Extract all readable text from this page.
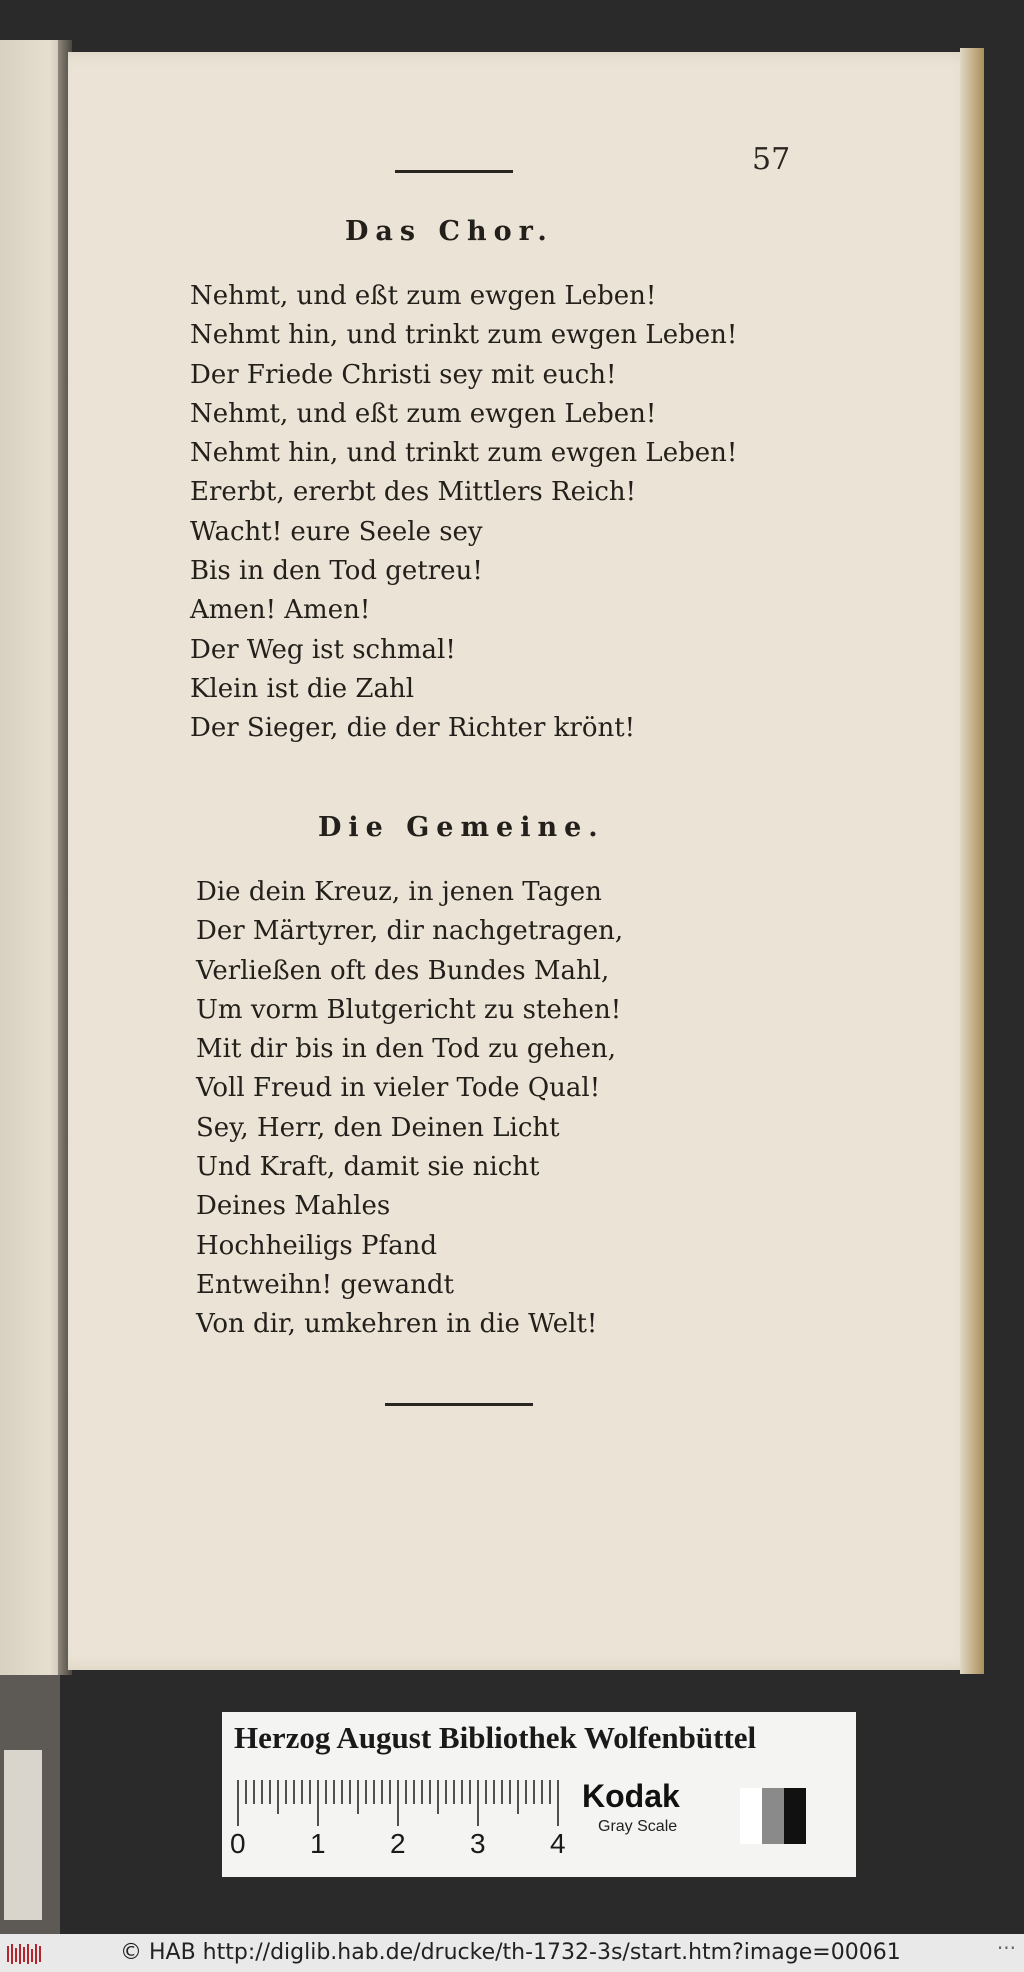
57
Das Chor.
Nehmt, und eßt zum ewgen Leben!
Nehmt hin, und trinkt zum ewgen Leben!
Der Friede Christi sey mit euch!
Nehmt, und eßt zum ewgen Leben!
Nehmt hin, und trinkt zum ewgen Leben!
Ererbt, ererbt des Mittlers Reich!
Wacht! eure Seele sey
Bis in den Tod getreu!
Amen! Amen!
Der Weg ist schmal!
Klein ist die Zahl
Der Sieger, die der Richter krönt!
Die Gemeine.
Die dein Kreuz, in jenen Tagen
Der Märtyrer, dir nachgetragen,
Verließen oft des Bundes Mahl,
Um vorm Blutgericht zu stehen!
Mit dir bis in den Tod zu gehen,
Voll Freud in vieler Tode Qual!
Sey, Herr, den Deinen Licht
Und Kraft, damit sie nicht
Deines Mahles
Hochheiligs Pfand
Entweihn! gewandt
Von dir, umkehren in die Welt!
Herzog August Bibliothek Wolfenbüttel
0 1 2 3 4
Kodak
Gray Scale
© HAB http://diglib.hab.de/drucke/th-1732-3s/start.htm?image=00061	···
